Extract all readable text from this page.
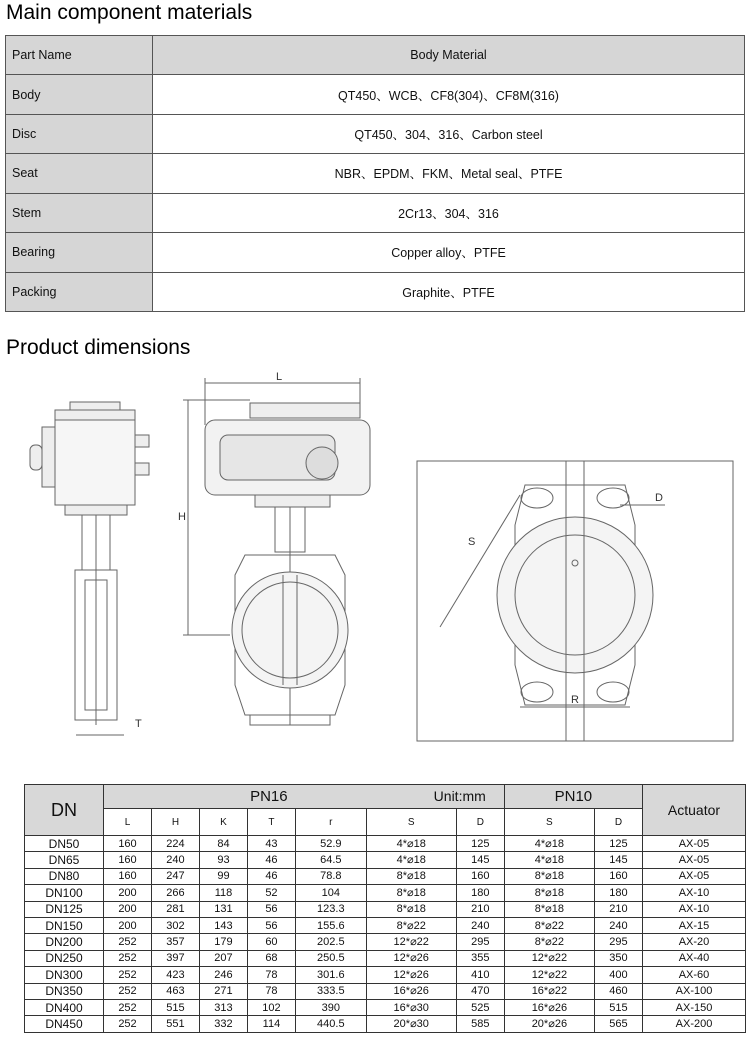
Main component materials
Part Name	Body Material
Body	QT450、WCB、CF8(304)、CF8M(316)
Disc	QT450、304、316、Carbon steel
Seat	NBR、EPDM、FKM、Metal seal、PTFE
Stem	2Cr13、304、316
Bearing	Copper alloy、PTFE
Packing	Graphite、PTFE
Product dimensions
T
L
H
S
D
R
DN	PN16 Unit:mm							PN10		Actuator
	L	H	K	T	r	S	D	S	D	
DN50	160	224	84	43	52.9	4*⌀18	125	4*⌀18	125	AX-05
DN65	160	240	93	46	64.5	4*⌀18	145	4*⌀18	145	AX-05
DN80	160	247	99	46	78.8	8*⌀18	160	8*⌀18	160	AX-05
DN100	200	266	118	52	104	8*⌀18	180	8*⌀18	180	AX-10
DN125	200	281	131	56	123.3	8*⌀18	210	8*⌀18	210	AX-10
DN150	200	302	143	56	155.6	8*⌀22	240	8*⌀22	240	AX-15
DN200	252	357	179	60	202.5	12*⌀22	295	8*⌀22	295	AX-20
DN250	252	397	207	68	250.5	12*⌀26	355	12*⌀22	350	AX-40
DN300	252	423	246	78	301.6	12*⌀26	410	12*⌀22	400	AX-60
DN350	252	463	271	78	333.5	16*⌀26	470	16*⌀22	460	AX-100
DN400	252	515	313	102	390	16*⌀30	525	16*⌀26	515	AX-150
DN450	252	551	332	114	440.5	20*⌀30	585	20*⌀26	565	AX-200
